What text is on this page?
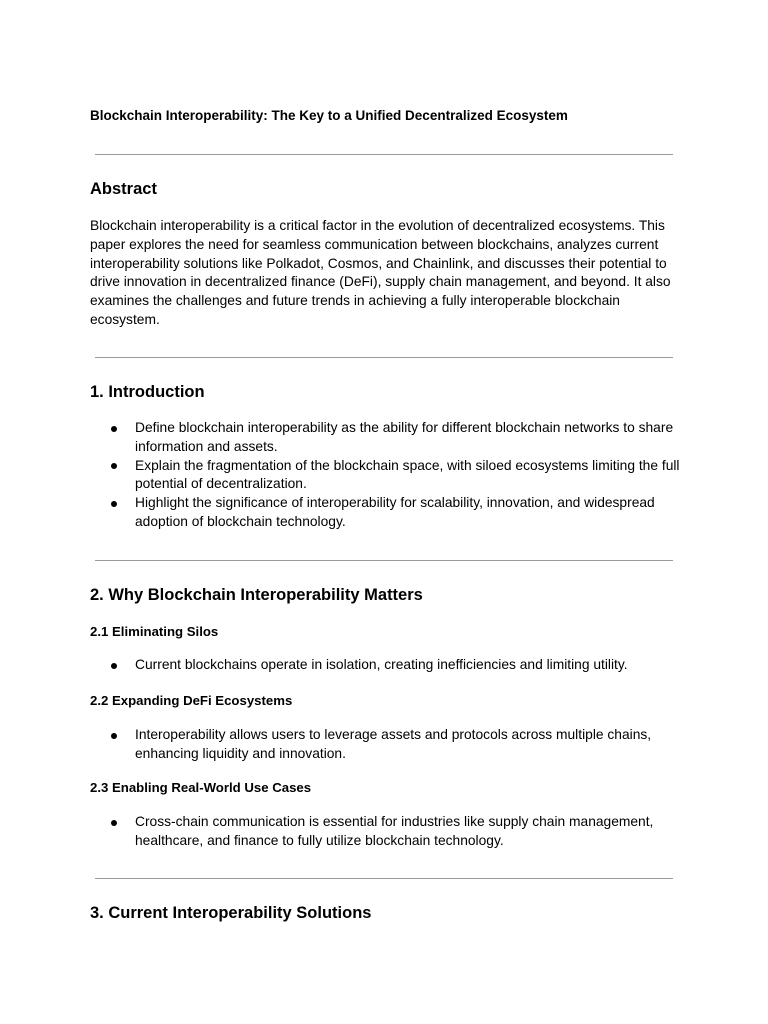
Blockchain Interoperability: The Key to a Unified Decentralized Ecosystem
Abstract

Blockchain interoperability is a critical factor in the evolution of decentralized ecosystems. This paper explores the need for seamless communication between blockchains, analyzes current interoperability solutions like Polkadot, Cosmos, and Chainlink, and discusses their potential to drive innovation in decentralized finance (DeFi), supply chain management, and beyond. It also examines the challenges and future trends in achieving a fully interoperable blockchain ecosystem.

1. Introduction
Define blockchain interoperability as the ability for different blockchain networks to share information and assets.
Explain the fragmentation of the blockchain space, with siloed ecosystems limiting the full potential of decentralization.
Highlight the significance of interoperability for scalability, innovation, and widespread adoption of blockchain technology.
2. Why Blockchain Interoperability Matters
2.1 Eliminating Silos
Current blockchains operate in isolation, creating inefficiencies and limiting utility.
2.2 Expanding DeFi Ecosystems
Interoperability allows users to leverage assets and protocols across multiple chains, enhancing liquidity and innovation.
2.3 Enabling Real-World Use Cases
Cross-chain communication is essential for industries like supply chain management, healthcare, and finance to fully utilize blockchain technology.
3. Current Interoperability Solutions
